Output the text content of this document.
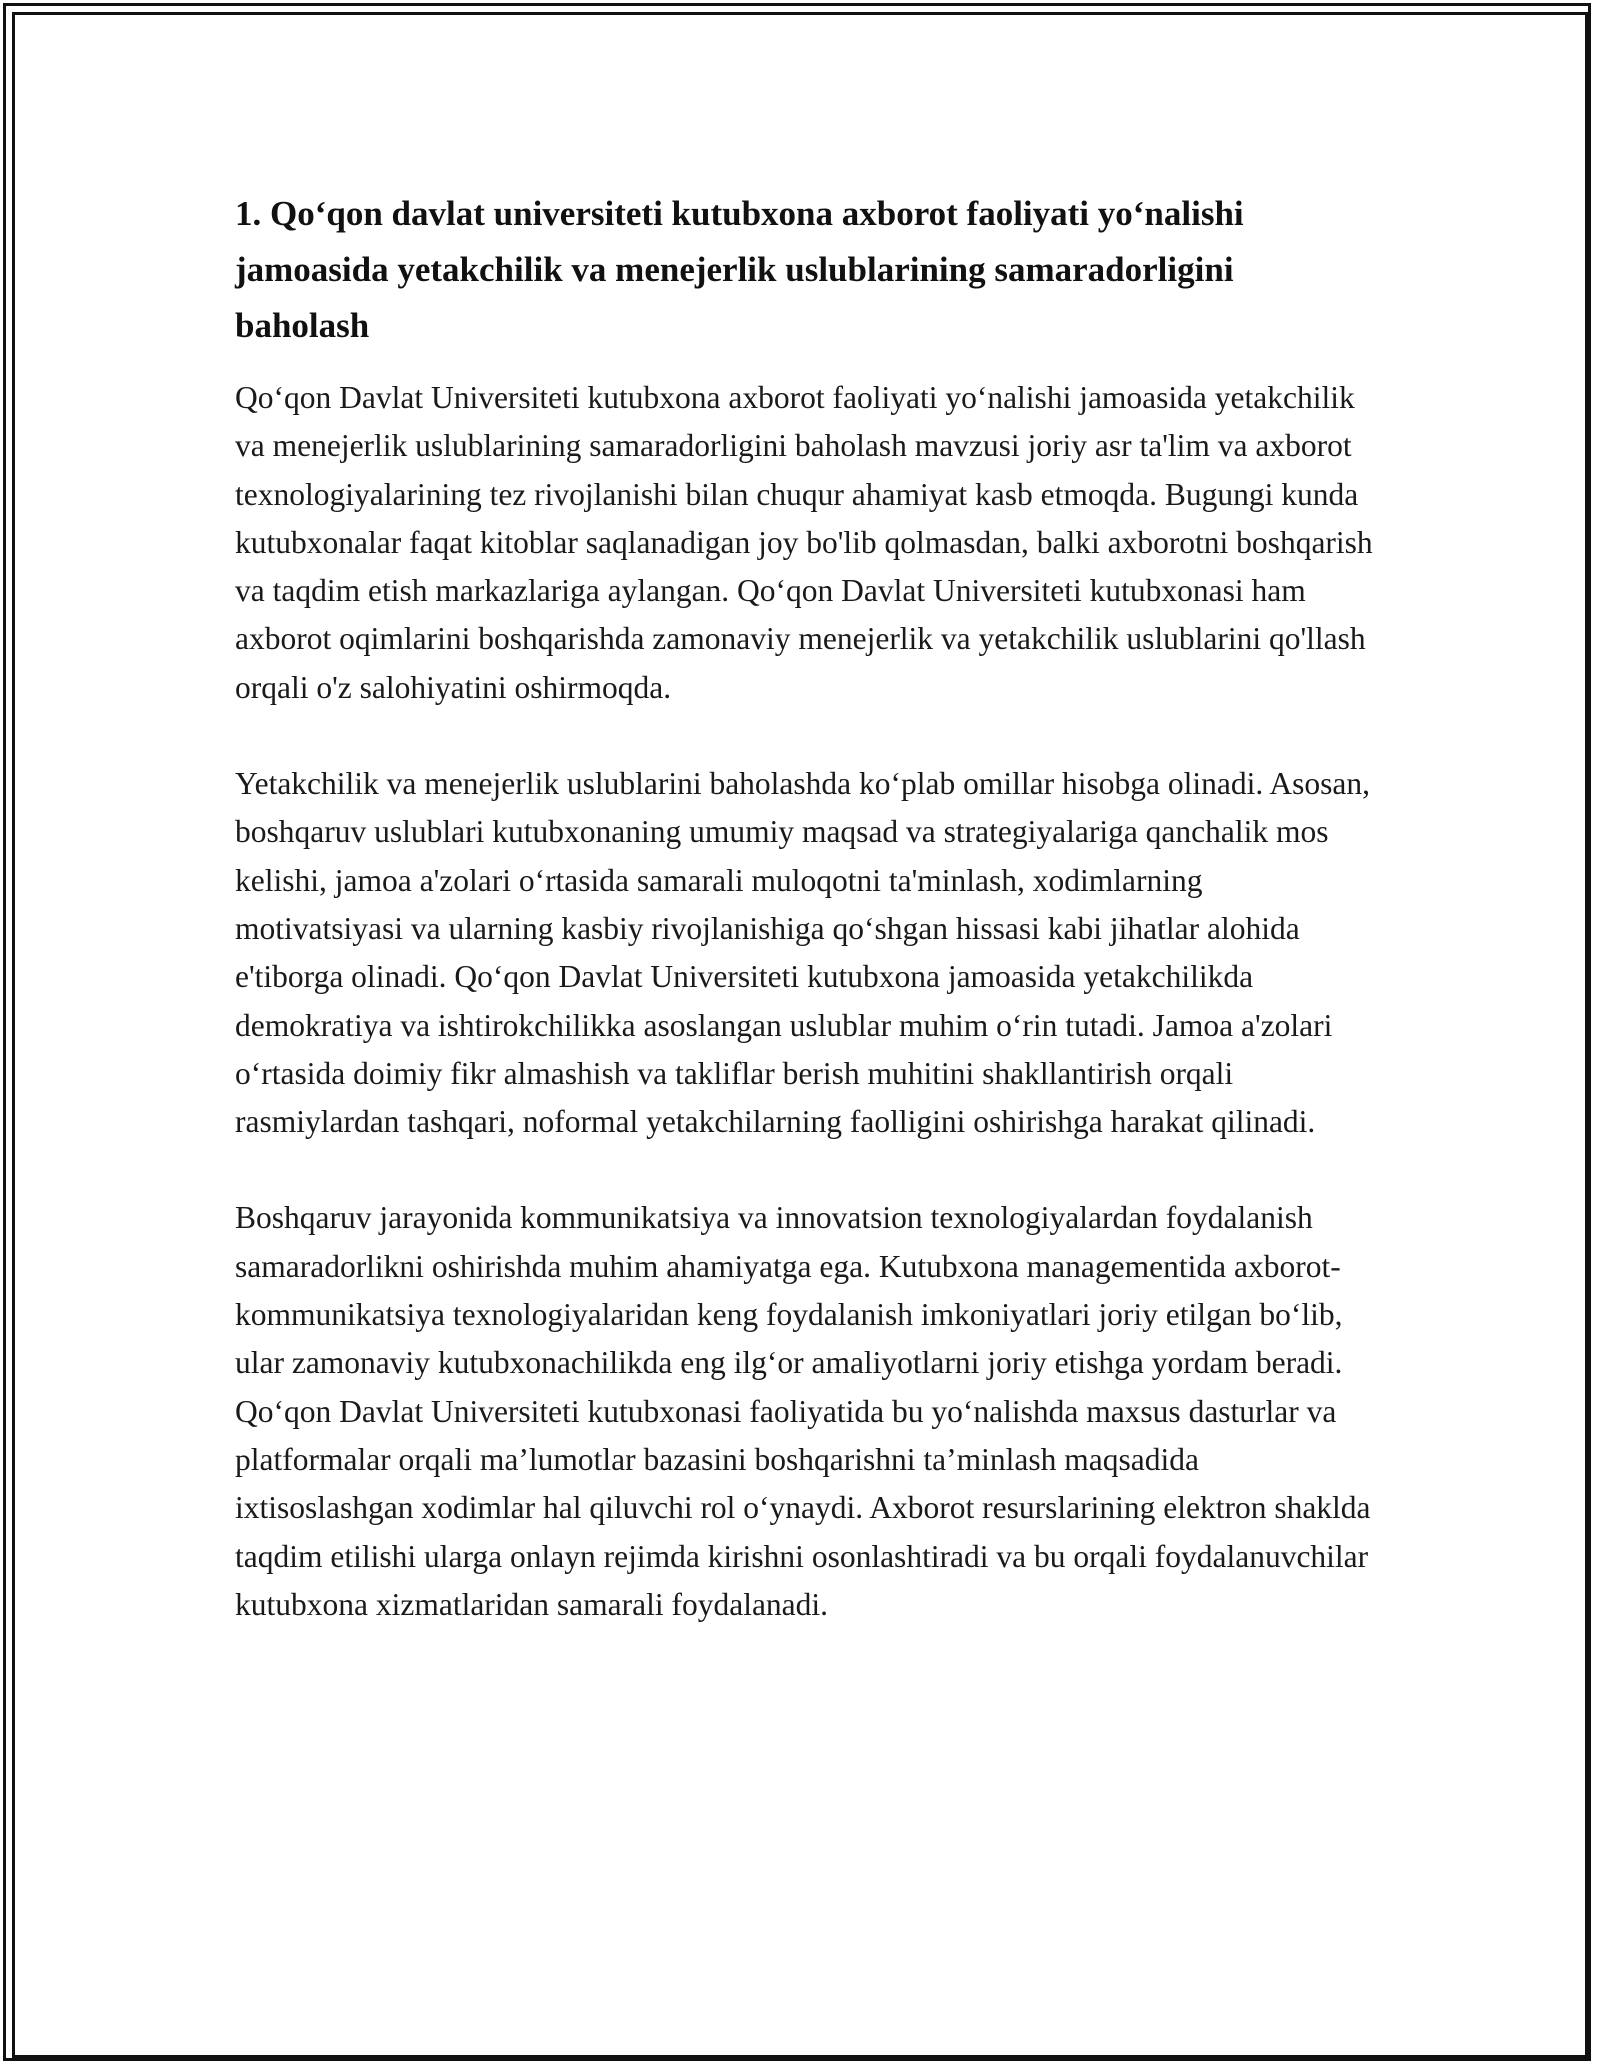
1. Qo‘qon davlat universiteti kutubxona axborot faoliyati yo‘nalishi jamoasida yetakchilik va menejerlik uslublarining samaradorligini baholash

Qo‘qon Davlat Universiteti kutubxona axborot faoliyati yo‘nalishi jamoasida yetakchilik va menejerlik uslublarining samaradorligini baholash mavzusi joriy asr ta'lim va axborot texnologiyalarining tez rivojlanishi bilan chuqur ahamiyat kasb etmoqda. Bugungi kunda kutubxonalar faqat kitoblar saqlanadigan joy bo'lib qolmasdan, balki axborotni boshqarish va taqdim etish markazlariga aylangan. Qo‘qon Davlat Universiteti kutubxonasi ham axborot oqimlarini boshqarishda zamonaviy menejerlik va yetakchilik uslublarini qo'llash orqali o'z salohiyatini oshirmoqda.

Yetakchilik va menejerlik uslublarini baholashda ko‘plab omillar hisobga olinadi. Asosan, boshqaruv uslublari kutubxonaning umumiy maqsad va strategiyalariga qanchalik mos kelishi, jamoa a'zolari o‘rtasida samarali muloqotni ta'minlash, xodimlarning motivatsiyasi va ularning kasbiy rivojlanishiga qo‘shgan hissasi kabi jihatlar alohida e'tiborga olinadi. Qo‘qon Davlat Universiteti kutubxona jamoasida yetakchilikda demokratiya va ishtirokchilikka asoslangan uslublar muhim o‘rin tutadi. Jamoa a'zolari o‘rtasida doimiy fikr almashish va takliflar berish muhitini shakllantirish orqali rasmiylardan tashqari, noformal yetakchilarning faolligini oshirishga harakat qilinadi.

Boshqaruv jarayonida kommunikatsiya va innovatsion texnologiyalardan foydalanish samaradorlikni oshirishda muhim ahamiyatga ega. Kutubxona managementida axborot-kommunikatsiya texnologiyalaridan keng foydalanish imkoniyatlari joriy etilgan bo‘lib, ular zamonaviy kutubxonachilikda eng ilg‘or amaliyotlarni joriy etishga yordam beradi. Qo‘qon Davlat Universiteti kutubxonasi faoliyatida bu yo‘nalishda maxsus dasturlar va platformalar orqali ma’lumotlar bazasini boshqarishni ta’minlash maqsadida ixtisoslashgan xodimlar hal qiluvchi rol o‘ynaydi. Axborot resurslarining elektron shaklda taqdim etilishi ularga onlayn rejimda kirishni osonlashtiradi va bu orqali foydalanuvchilar kutubxona xizmatlaridan samarali foydalanadi.
